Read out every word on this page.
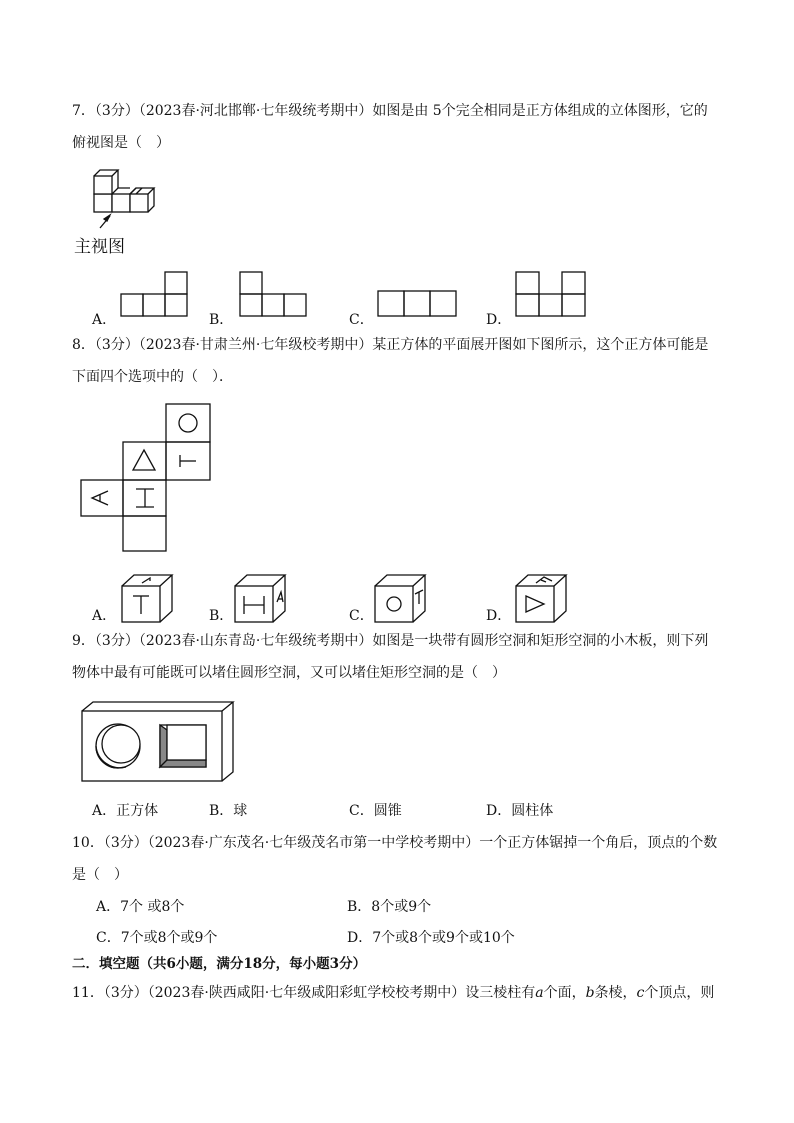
7．（3分）（2023春·河北邯郸·七年级统考期中）如图是由 5个完全相同是正方体组成的立体图形，它的
俯视图是（　）
主视图
A．	B．	C．	D．
8．（3分）（2023春·甘肃兰州·七年级校考期中）某正方体的平面展开图如下图所示，这个正方体可能是
下面四个选项中的（　）．
A．	B．	C．	D．
9．（3分）（2023春·山东青岛·七年级统考期中）如图是一块带有圆形空洞和矩形空洞的小木板，则下列
物体中最有可能既可以堵住圆形空洞，又可以堵住矩形空洞的是（　）
A．正方体	B．球	C．圆锥	D．圆柱体
10．（3分）（2023春·广东茂名·七年级茂名市第一中学校考期中）一个正方体锯掉一个角后，顶点的个数
是（　）
A．7个 或8个	B．8个或9个
C．7个或8个或9个	D．7个或8个或9个或10个
二．填空题（共6小题，满分18分，每小题3分）
11．（3分）（2023春·陕西咸阳·七年级咸阳彩虹学校校考期中）设三棱柱有𝑎个面，𝑏条棱，𝑐个顶点，则
